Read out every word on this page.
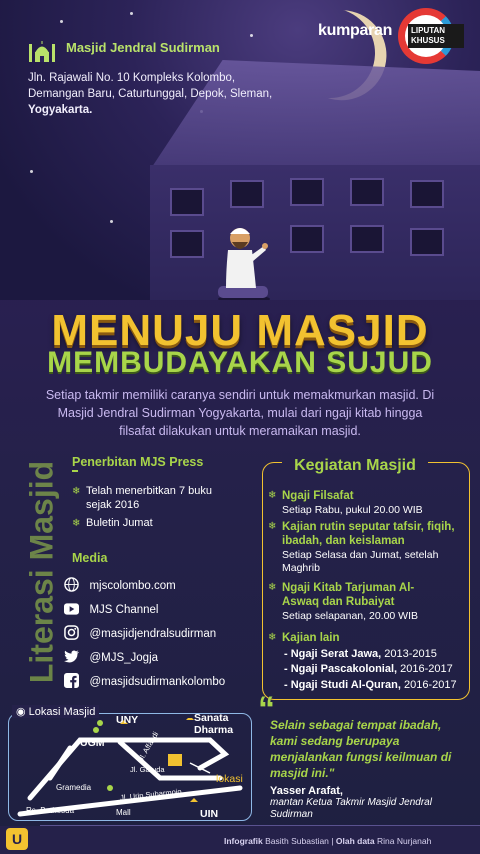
Masjid Jendral Sudirman
Jln. Rajawali No. 10 Kompleks Kolombo, Demangan Baru, Caturtunggal, Depok, Sleman, Yogyakarta.
kumparan	LIPUTAN KHUSUS
MENUJU MASJID
MEMBUDAYAKAN SUJUD
Setiap takmir memiliki caranya sendiri untuk memakmurkan masjid. Di Masjid Jendral Sudirman Yogyakarta, mulai dari ngaji kitab hingga filsafat dilakukan untuk meramaikan masjid.
Literasi Masjid Penerbitan MJS Press
❄ Telah menerbitkan 7 buku sejak 2016
❄ Buletin Jumat
Media
mjscolombo.com
MJS Channel
@masjidjendralsudirman
@MJS_Jogja
@masjidsudirmankolombo
Kegiatan Masjid
❄ Ngaji Filsafat
Setiap Rabu, pukul 20.00 WIB
❄ Kajian rutin seputar tafsir, fiqih, ibadah, dan keislaman
Setiap Selasa dan Jumat, setelah Maghrib
❄ Ngaji Kitab Tarjuman Al-Aswaq dan Rubaiyat
Setiap selapanan, 20.00 WIB
❄ Kajian lain
- Ngaji Serat Jawa, 2013-2015
- Ngaji Pascakolonial, 2016-2017
- Ngaji Studi Al-Quran, 2016-2017
◉ Lokasi Masjid
UNY
UGM
Sanata Dharma
lokasi
Gramedia
Rs. Bethesda	Mall	UIN
Jl. Affandi
Jl. Garuda
Jl. Urip Suharmojo
“
Selain sebagai tempat ibadah, kami sedang berupaya menjalankan fungsi keilmuan di masjid ini."
Yasser Arafat,
mantan Ketua Takmir Masjid Jendral Sudirman
U	Infografik Basith Subastian | Olah data Rina Nurjanah
